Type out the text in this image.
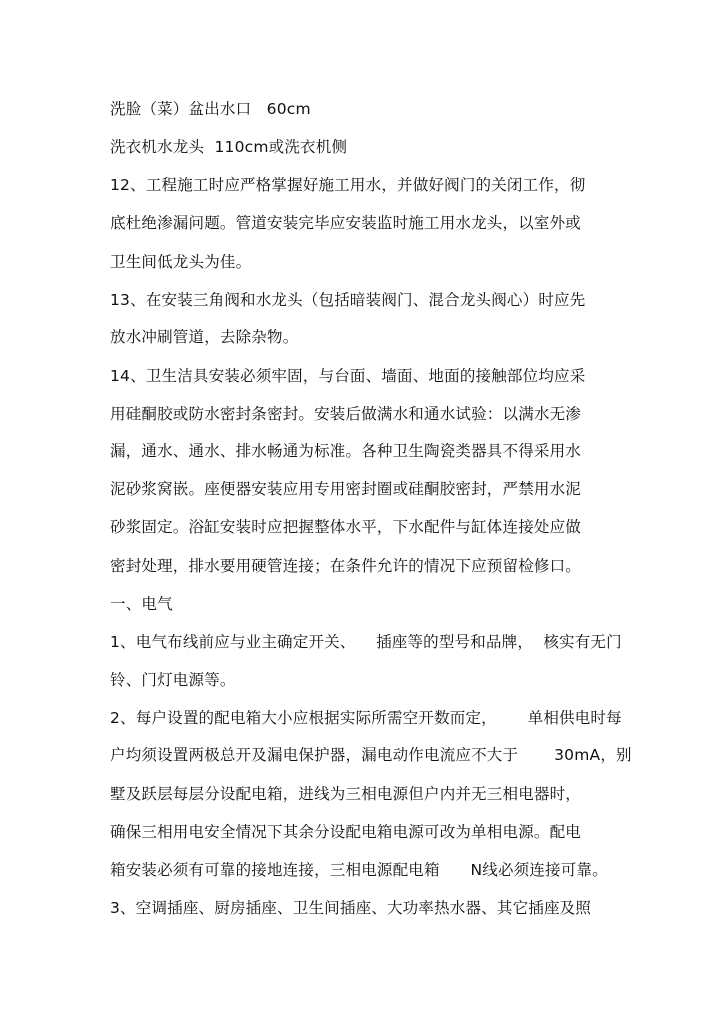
洗脸（菜）盆出水口   60cm

洗衣机水龙头  110cm或洗衣机侧

12、工程施工时应严格掌握好施工用水，并做好阀门的关闭工作，彻

底杜绝渗漏问题。管道安装完毕应安装监时施工用水龙头，以室外或

卫生间低龙头为佳。

13、在安装三角阀和水龙头（包括暗装阀门、混合龙头阀心）时应先

放水冲刷管道，去除杂物。

14、卫生洁具安装必须牢固，与台面、墙面、地面的接触部位均应采

用硅酮胶或防水密封条密封。安装后做满水和通水试验：以满水无渗

漏，通水、通水、排水畅通为标准。各种卫生陶瓷类器具不得采用水

泥砂浆窝嵌。座便器安装应用专用密封圈或硅酮胶密封，严禁用水泥

砂浆固定。浴缸安装时应把握整体水平，下水配件与缸体连接处应做

密封处理，排水要用硬管连接；在条件允许的情况下应预留检修口。

一、电气

1、电气布线前应与业主确定开关、    插座等的型号和品牌，  核实有无门

铃、门灯电源等。

2、每户设置的配电箱大小应根据实际所需空开数而定，      单相供电时每

户均须设置两极总开及漏电保护器，漏电动作电流应不大于       30mA，别

墅及跃层每层分设配电箱，进线为三相电源但户内并无三相电器时，

确保三相用电安全情况下其余分设配电箱电源可改为单相电源。配电

箱安装必须有可靠的接地连接，三相电源配电箱      N线必须连接可靠。

3、空调插座、厨房插座、卫生间插座、大功率热水器、其它插座及照
